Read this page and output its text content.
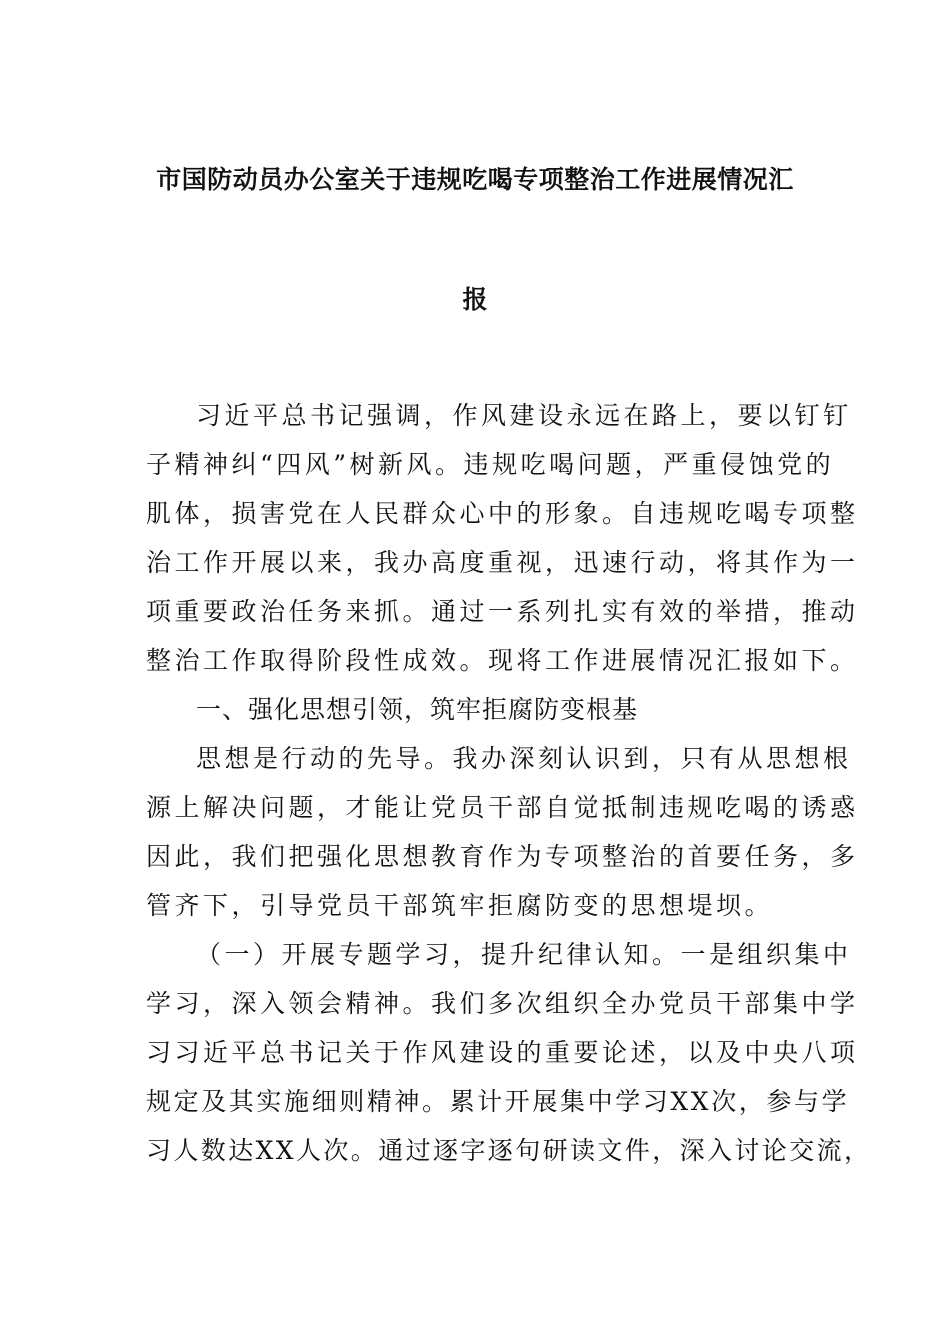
市国防动员办公室关于违规吃喝专项整治工作进展情况汇
报
习近平总书记强调，作风建设永远在路上，要以钉钉
子精神纠“四风”树新风。违规吃喝问题，严重侵蚀党的
肌体，损害党在人民群众心中的形象。自违规吃喝专项整
治工作开展以来，我办高度重视，迅速行动，将其作为一
项重要政治任务来抓。通过一系列扎实有效的举措，推动
整治工作取得阶段性成效。现将工作进展情况汇报如下。
一、强化思想引领，筑牢拒腐防变根基
思想是行动的先导。我办深刻认识到，只有从思想根
源上解决问题，才能让党员干部自觉抵制违规吃喝的诱惑
因此，我们把强化思想教育作为专项整治的首要任务，多
管齐下，引导党员干部筑牢拒腐防变的思想堤坝。
（一）开展专题学习，提升纪律认知。一是组织集中
学习，深入领会精神。我们多次组织全办党员干部集中学
习习近平总书记关于作风建设的重要论述，以及中央八项
规定及其实施细则精神。累计开展集中学习XX次，参与学
习人数达XX人次。通过逐字逐句研读文件，深入讨论交流，
